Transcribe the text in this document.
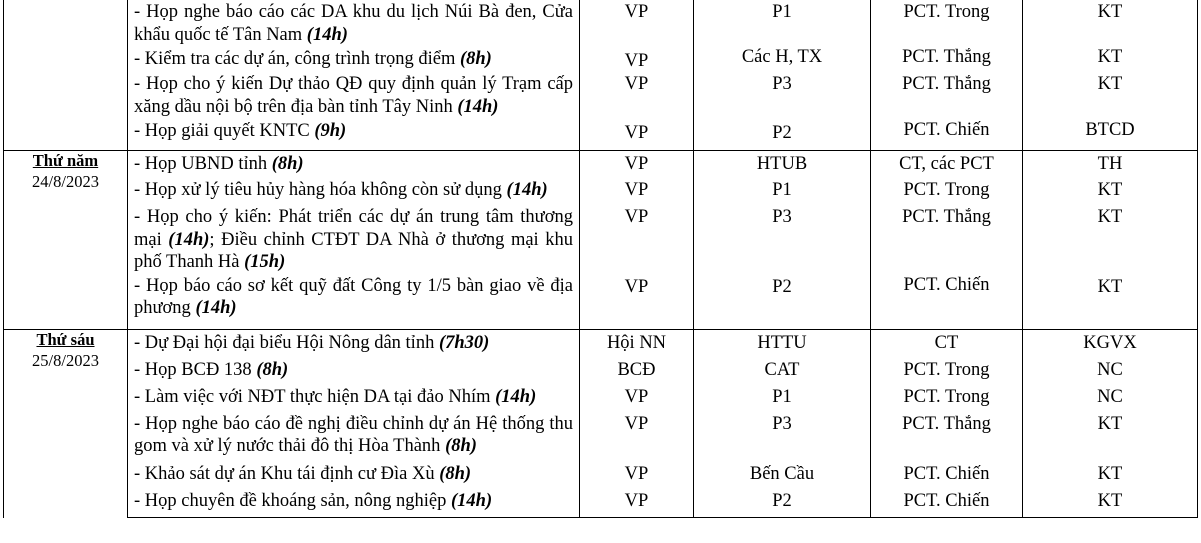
	- Họp nghe báo cáo các DA khu du lịch Núi Bà đen, Cửa khẩu quốc tế Tân Nam (14h)	VP	P1	PCT. Trong	KT

	- Kiểm tra các dự án, công trình trọng điểm (8h)	VP	Các H, TX	PCT. Thắng	KT

	- Họp cho ý kiến Dự thảo QĐ quy định quản lý Trạm cấp xăng dầu nội bộ trên địa bàn tỉnh Tây Ninh (14h)	VP	P3	PCT. Thắng	KT

	- Họp giải quyết KNTC (9h)	VP	P2	PCT. Chiến	BTCD

Thứ năm
24/8/2023	- Họp UBND tỉnh (8h)	VP	HTUB	CT, các PCT	TH

	- Họp xử lý tiêu hủy hàng hóa không còn sử dụng (14h)	VP	P1	PCT. Trong	KT

	- Họp cho ý kiến: Phát triển các dự án trung tâm thương mại (14h); Điều chỉnh CTĐT DA Nhà ở thương mại khu phố Thanh Hà (15h)	VP	P3	PCT. Thắng	KT

	- Họp báo cáo sơ kết quỹ đất Công ty 1/5 bàn giao về địa phương (14h)	VP	P2	PCT. Chiến	KT

Thứ sáu
25/8/2023	- Dự Đại hội đại biểu Hội Nông dân tỉnh (7h30)	Hội NN	HTTU	CT	KGVX

	- Họp BCĐ 138 (8h)	BCĐ	CAT	PCT. Trong	NC

	- Làm việc với NĐT thực hiện DA tại đảo Nhím (14h)	VP	P1	PCT. Trong	NC

	- Họp nghe báo cáo đề nghị điều chỉnh dự án Hệ thống thu gom và xử lý nước thải đô thị Hòa Thành (8h)	VP	P3	PCT. Thắng	KT

	- Khảo sát dự án Khu tái định cư Đìa Xù (8h)	VP	Bến Cầu	PCT. Chiến	KT

	- Họp chuyên đề khoáng sản, nông nghiệp (14h)	VP	P2	PCT. Chiến	KT
